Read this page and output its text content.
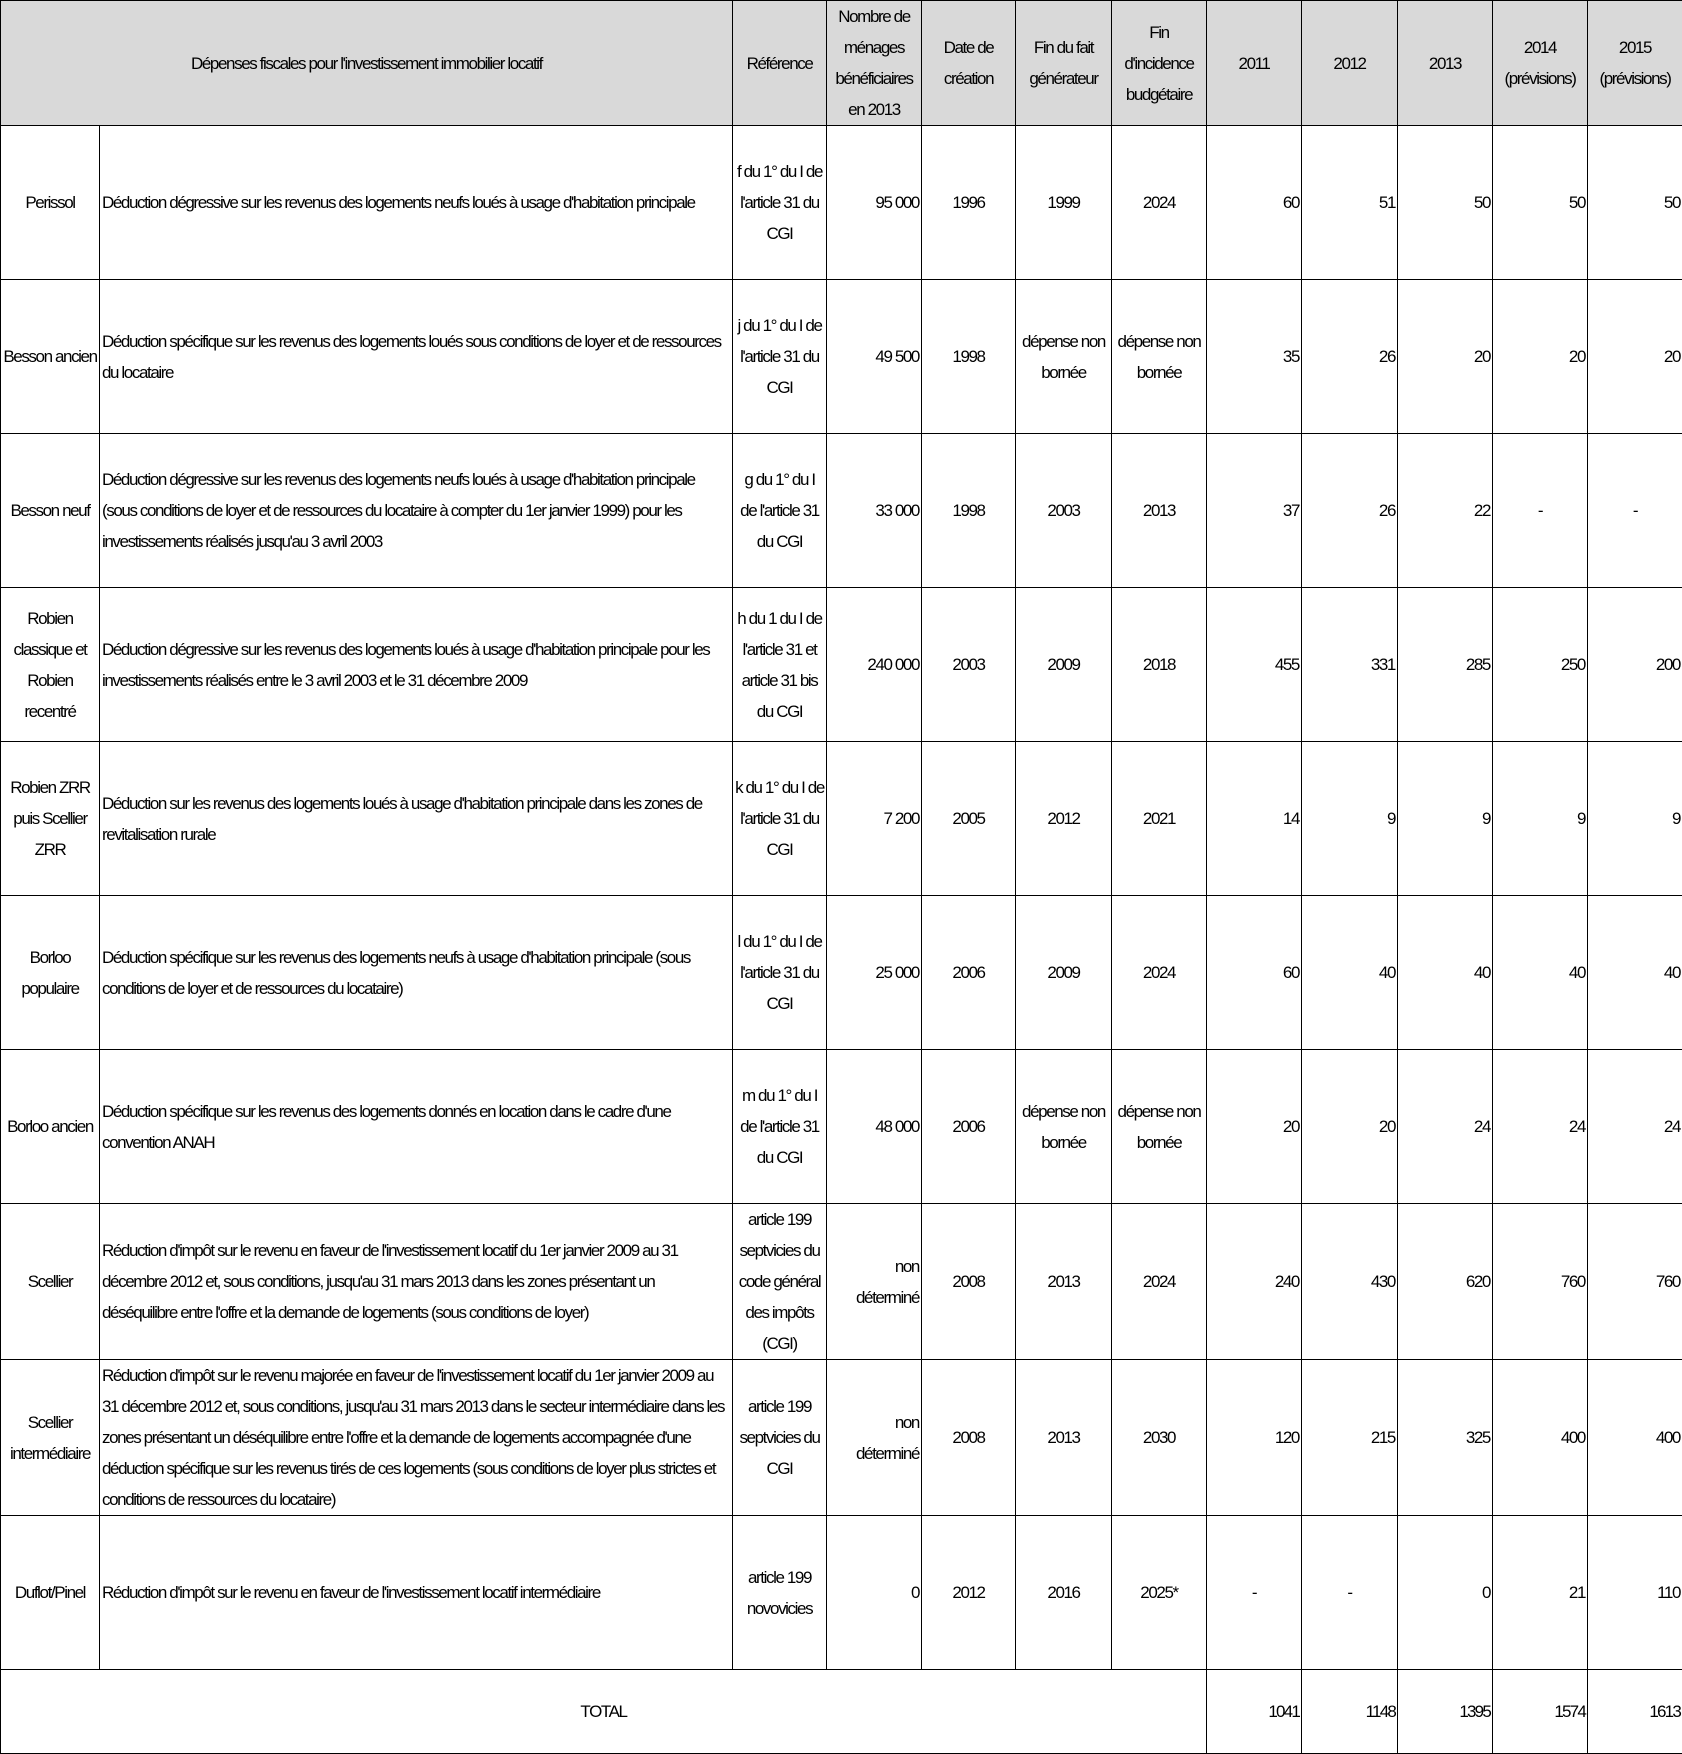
Dépenses fiscales pour l'investissement immobilier locatif		Référence	Nombre de ménages bénéficiaires en 2013	Date de création	Fin du fait générateur	Fin d'incidence budgétaire	2011	2012	2013	2014 (prévisions)	2015 (prévisions)
Perissol	Déduction dégressive sur les revenus des logements neufs loués à usage d'habitation principale	f du 1° du I de l'article 31 du CGI	95 000	1996	1999	2024	60	51	50	50	50
Besson ancien	Déduction spécifique sur les revenus des logements loués sous conditions de loyer et de ressources du locataire	j du 1° du I de l'article 31 du CGI	49 500	1998	dépense non bornée	dépense non bornée	35	26	20	20	20
Besson neuf	Déduction dégressive sur les revenus des logements neufs loués à usage d'habitation principale (sous conditions de loyer et de ressources du locataire à compter du 1er janvier 1999) pour les investissements réalisés jusqu'au 3 avril 2003	g du 1° du I de l'article 31 du CGI	33 000	1998	2003	2013	37	26	22	-	-
Robien classique et Robien recentré	Déduction dégressive sur les revenus des logements loués à usage d'habitation principale pour les investissements réalisés entre le 3 avril 2003 et le 31 décembre 2009	h du 1 du I de l'article 31 et article 31 bis du CGI	240 000	2003	2009	2018	455	331	285	250	200
Robien ZRR puis Scellier ZRR	Déduction sur les revenus des logements loués à usage d'habitation principale dans les zones de revitalisation rurale	k du 1° du I de l'article 31 du CGI	7 200	2005	2012	2021	14	9	9	9	9
Borloo populaire	Déduction spécifique sur les revenus des logements neufs à usage d'habitation principale (sous conditions de loyer et de ressources du locataire)	l du 1° du I de l'article 31 du CGI	25 000	2006	2009	2024	60	40	40	40	40
Borloo ancien	Déduction spécifique sur les revenus des logements donnés en location dans le cadre d'une convention ANAH	m du 1° du I de l'article 31 du CGI	48 000	2006	dépense non bornée	dépense non bornée	20	20	24	24	24
Scellier	Réduction d'impôt sur le revenu en faveur de l'investissement locatif du 1er janvier 2009 au 31 décembre 2012 et, sous conditions, jusqu'au 31 mars 2013 dans les zones présentant un déséquilibre entre l'offre et la demande de logements (sous conditions de loyer)	article 199 septvicies du code général des impôts (CGI)	non déterminé	2008	2013	2024	240	430	620	760	760
Scellier intermédiaire	Réduction d'impôt sur le revenu majorée en faveur de l'investissement locatif du 1er janvier 2009 au 31 décembre 2012 et, sous conditions, jusqu'au 31 mars 2013 dans le secteur intermédiaire dans les zones présentant un déséquilibre entre l'offre et la demande de logements accompagnée d'une déduction spécifique sur les revenus tirés de ces logements (sous conditions de loyer plus strictes et conditions de ressources du locataire)	article 199 septvicies du CGI	non déterminé	2008	2013	2030	120	215	325	400	400
Duflot/Pinel	Réduction d'impôt sur le revenu en faveur de l'investissement locatif intermédiaire	article 199 novovicies	0	2012	2016	2025*	-	-	0	21	110
TOTAL							1041	1148	1395	1574	1613
